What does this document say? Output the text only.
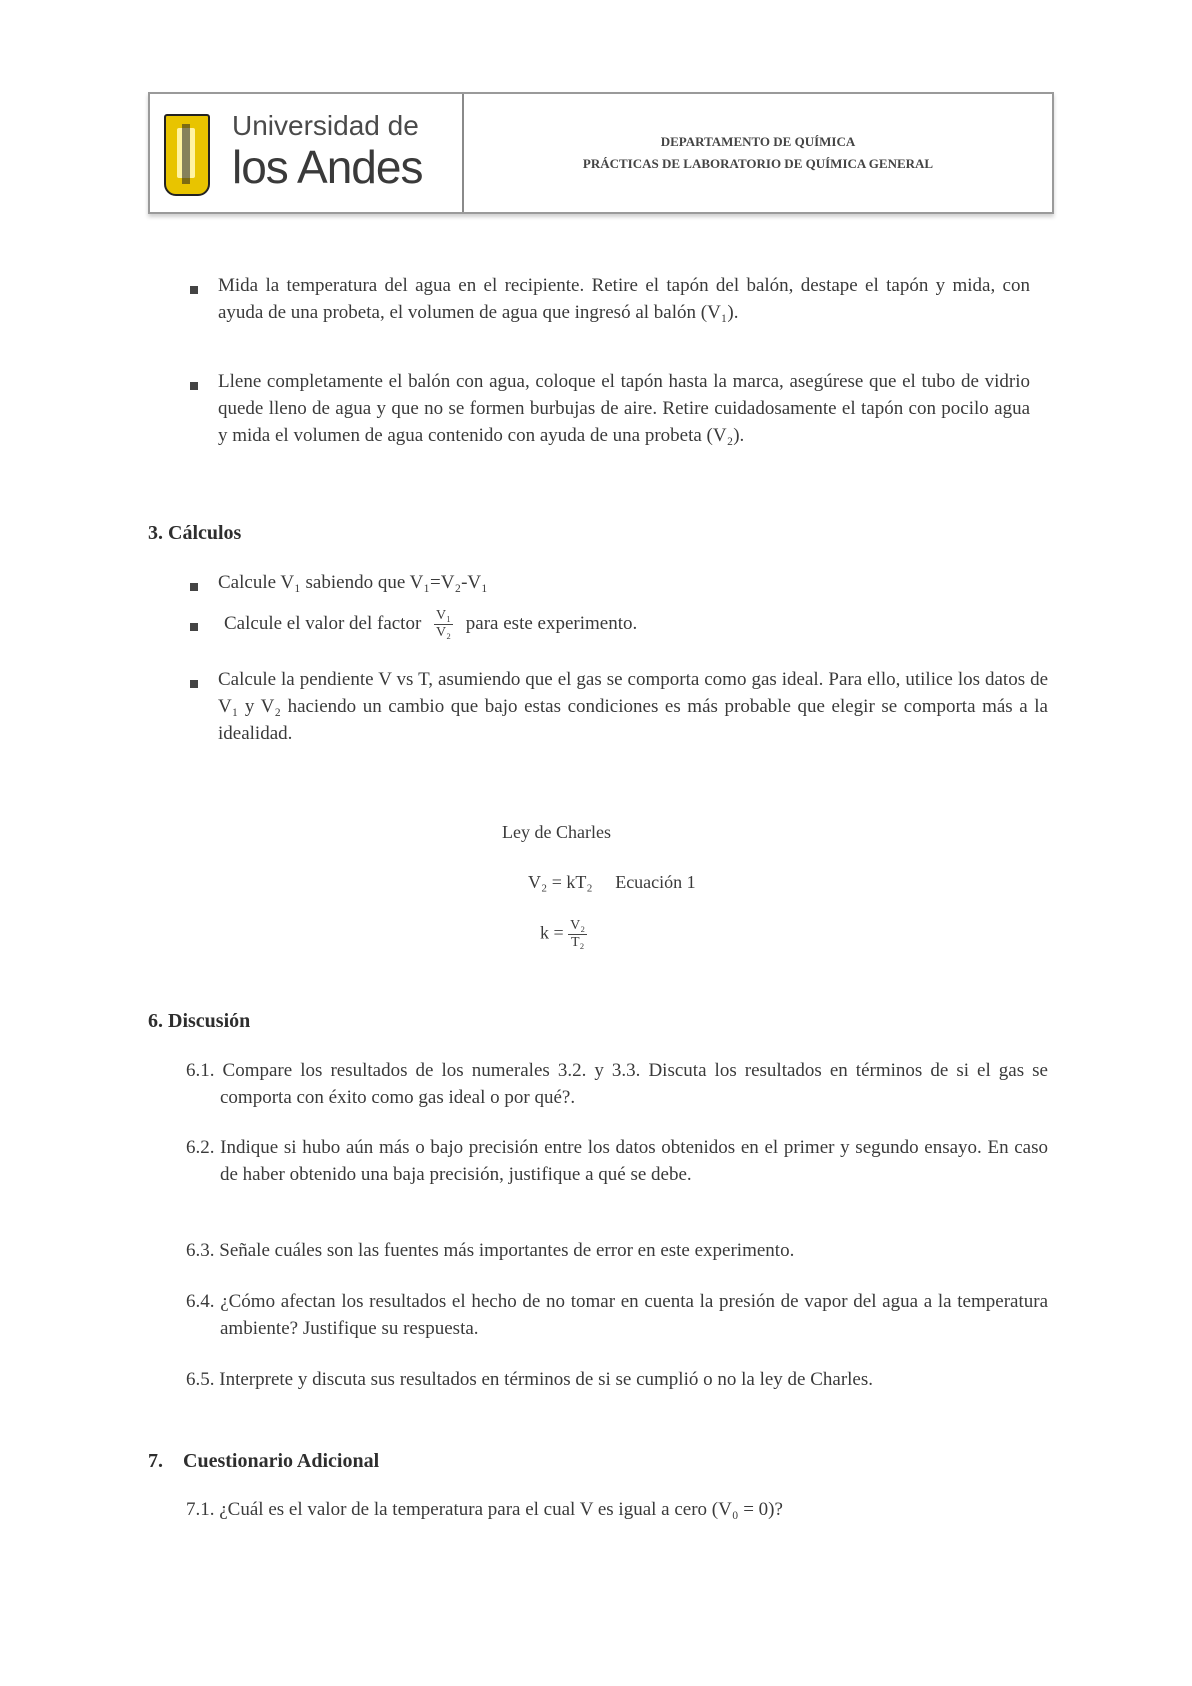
Universidad de
los Andes	DEPARTAMENTO DE QUÍMICA
PRÁCTICAS DE LABORATORIO DE QUÍMICA GENERAL
Mida la temperatura del agua en el recipiente. Retire el tapón del balón, destape el tapón y mida, con ayuda de una probeta, el volumen de agua que ingresó al balón (V₁).
Llene completamente el balón con agua, coloque el tapón hasta la marca, asegúrese que el tubo de vidrio quede lleno de agua y que no se formen burbujas de aire. Retire cuidadosamente el tapón con pocilo agua y mida el volumen de agua contenido con ayuda de una probeta (V₂).
3. Cálculos
Calcule V₁ sabiendo que V₁=V₂-V₁
Calcule el valor del factor $\frac{\text{V₁}}{\text{V₂}}$ para este experimento.
Calcule la pendiente V vs T, asumiendo que el gas se comporta como gas ideal. Para ello, utilice los datos de V₁ y V₂ haciendo un cambio que bajo estas condiciones es más probable que elegir se comporta más a la idealidad.
Ley de Charles
V₂ = kT₂     Ecuación 1
$k = \frac{\text{V₂}}{\text{T₂}}$
6. Discusión
6.1. Compare los resultados de los numerales 3.2. y 3.3. Discuta los resultados en términos de si el gas se comporta con éxito como gas ideal o por qué?.
6.2. Indique si hubo aún más o bajo precisión entre los datos obtenidos en el primer y segundo ensayo. En caso de haber obtenido una baja precisión, justifique a qué se debe.
6.3. Señale cuáles son las fuentes más importantes de error en este experimento.
6.4. ¿Cómo afectan los resultados el hecho de no tomar en cuenta la presión de vapor del agua a la temperatura ambiente? Justifique su respuesta.
6.5. Interprete y discuta sus resultados en términos de si se cumplió o no la ley de Charles.
7.    Cuestionario Adicional
7.1. ¿Cuál es el valor de la temperatura para el cual V es igual a cero (V₀ = 0)?
